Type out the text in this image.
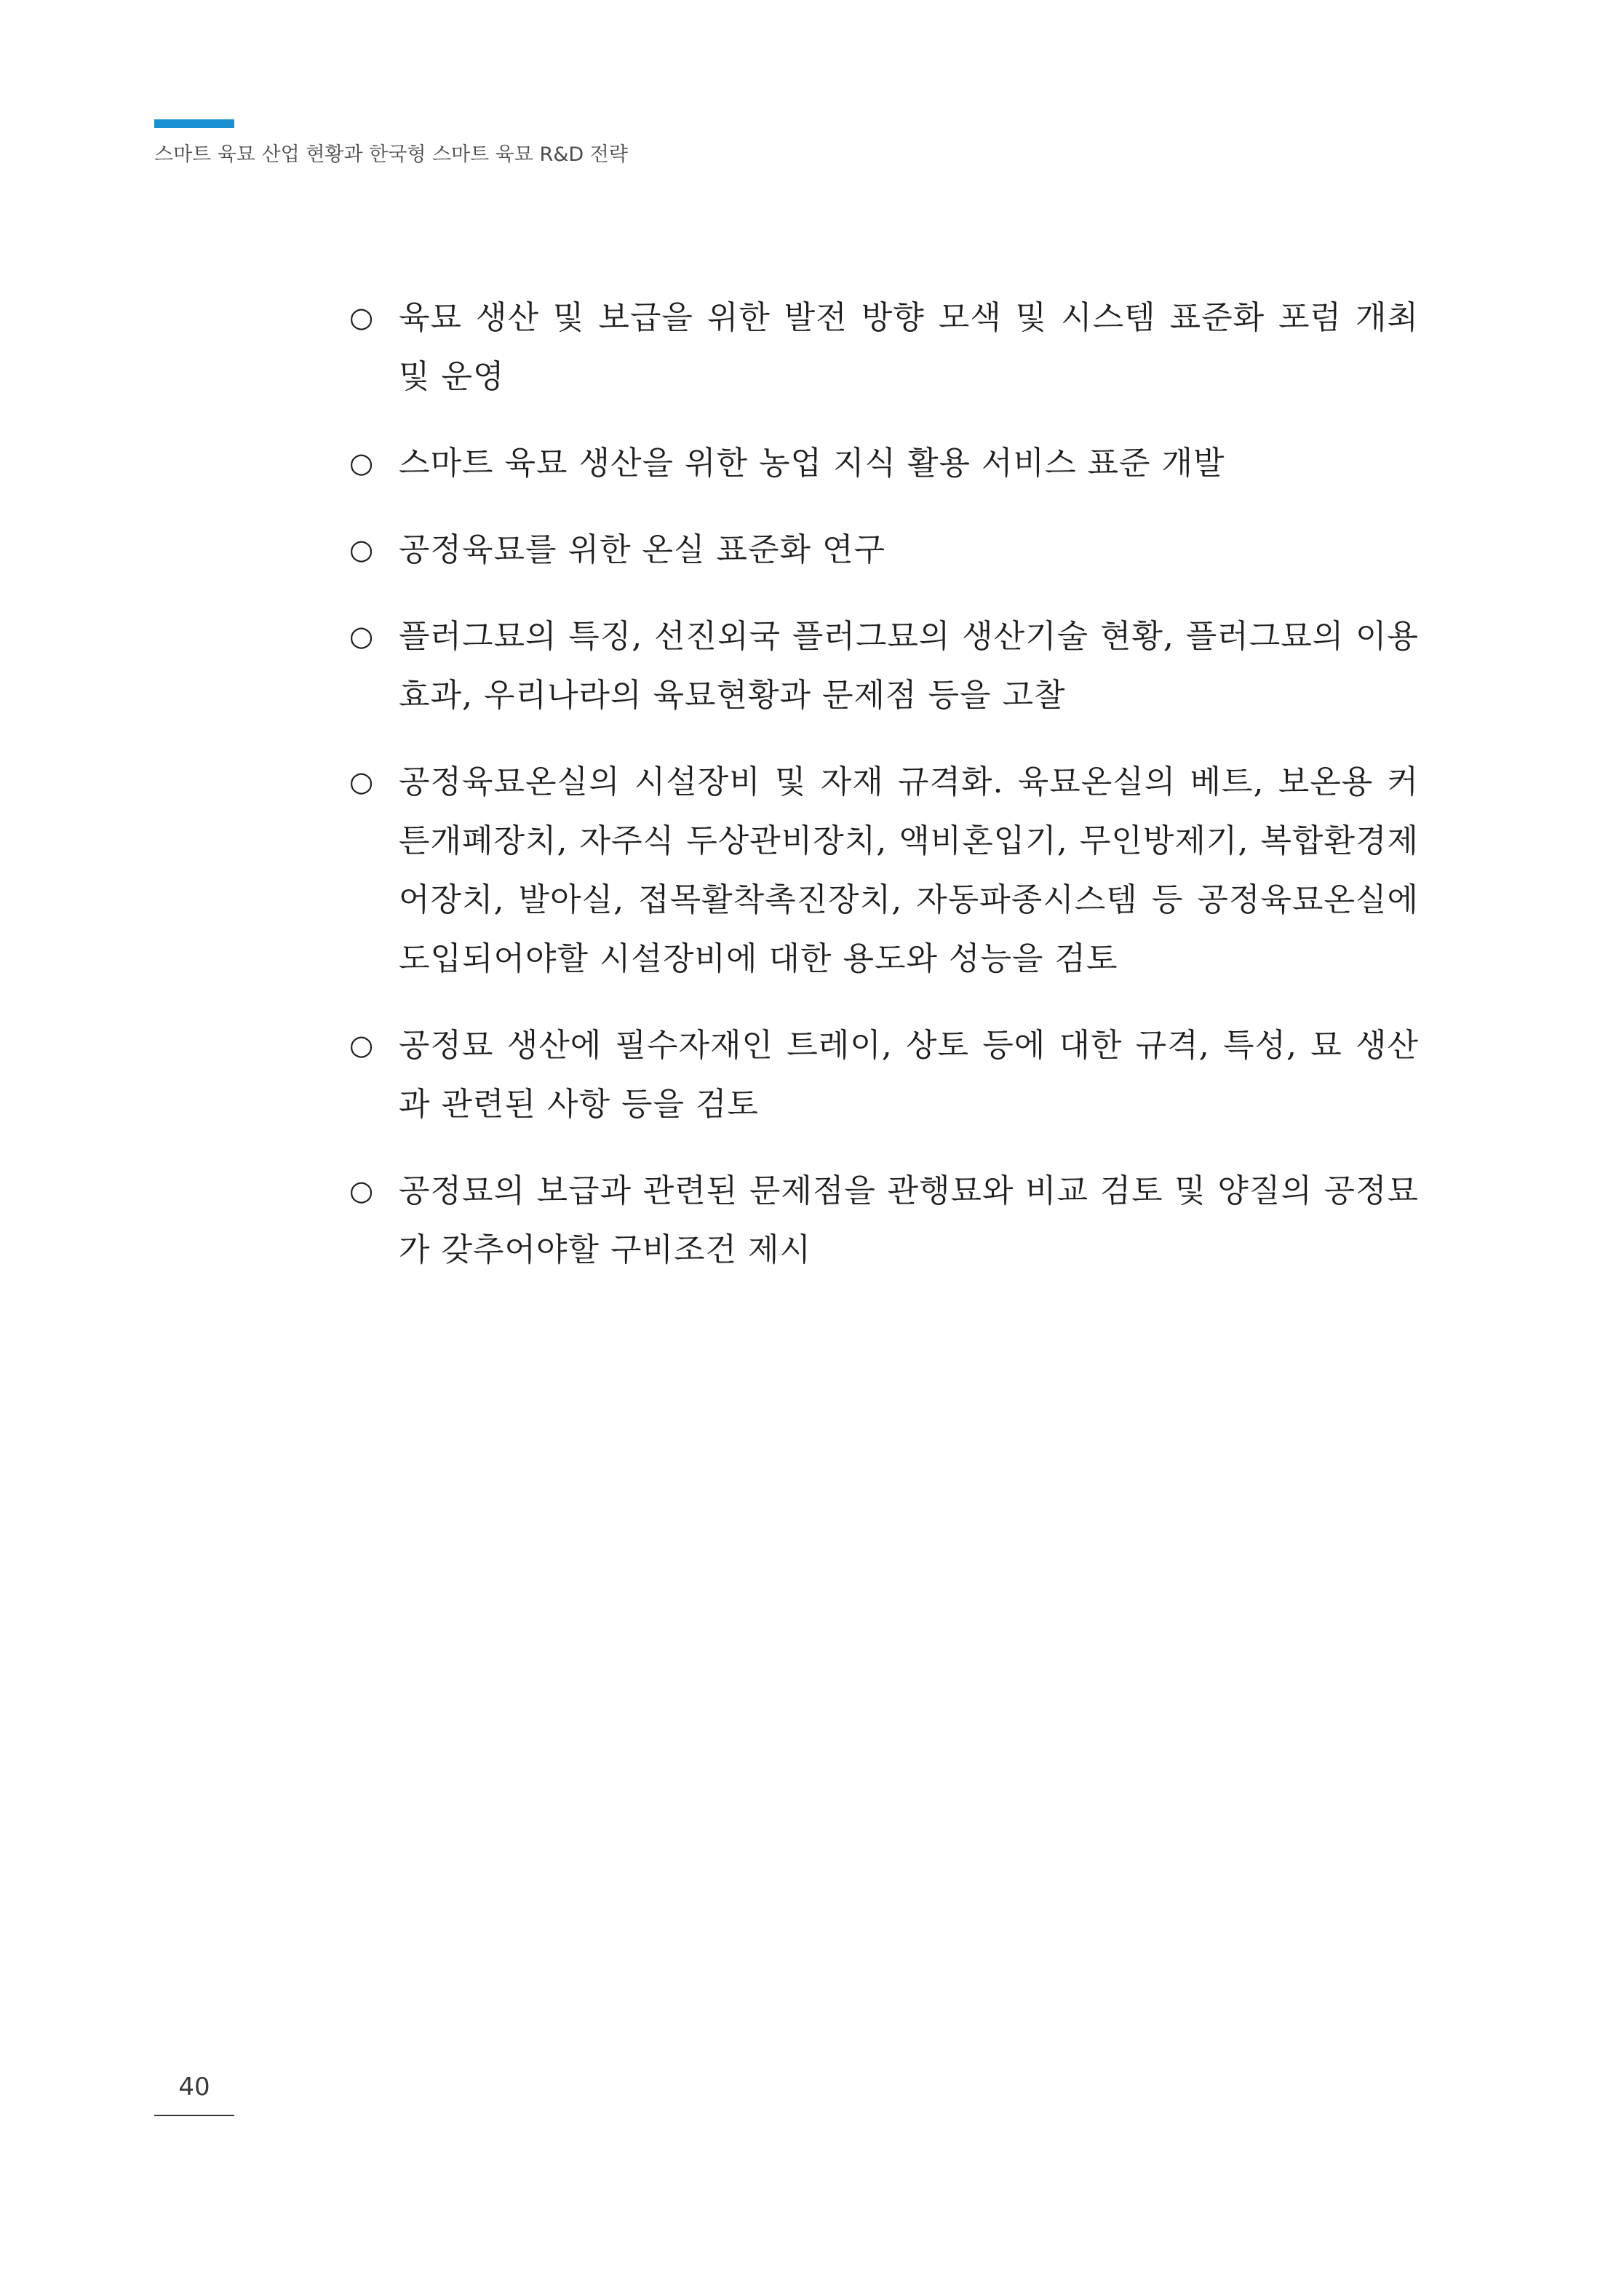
스마트 육묘 산업 현황과 한국형 스마트 육묘 R&D 전략
○ 육묘 생산 및 보급을 위한 발전 방향 모색 및 시스템 표준화 포럼 개최 및 운영
○ 스마트 육묘 생산을 위한 농업 지식 활용 서비스 표준 개발
○ 공정육묘를 위한 온실 표준화 연구
○ 플러그묘의 특징, 선진외국 플러그묘의 생산기술 현황, 플러그묘의 이용효과, 우리나라의 육묘현황과 문제점 등을 고찰
○ 공정육묘온실의 시설장비 및 자재 규격화. 육묘온실의 베트, 보온용 커튼개폐장치, 자주식 두상관비장치, 액비혼입기, 무인방제기, 복합환경제어장치, 발아실, 접목활착촉진장치, 자동파종시스템 등 공정육묘온실에 도입되어야할 시설장비에 대한 용도와 성능을 검토
○ 공정묘 생산에 필수자재인 트레이, 상토 등에 대한 규격, 특성, 묘 생산과 관련된 사항 등을 검토
○ 공정묘의 보급과 관련된 문제점을 관행묘와 비교 검토 및 양질의 공정묘가 갖추어야할 구비조건 제시
40
